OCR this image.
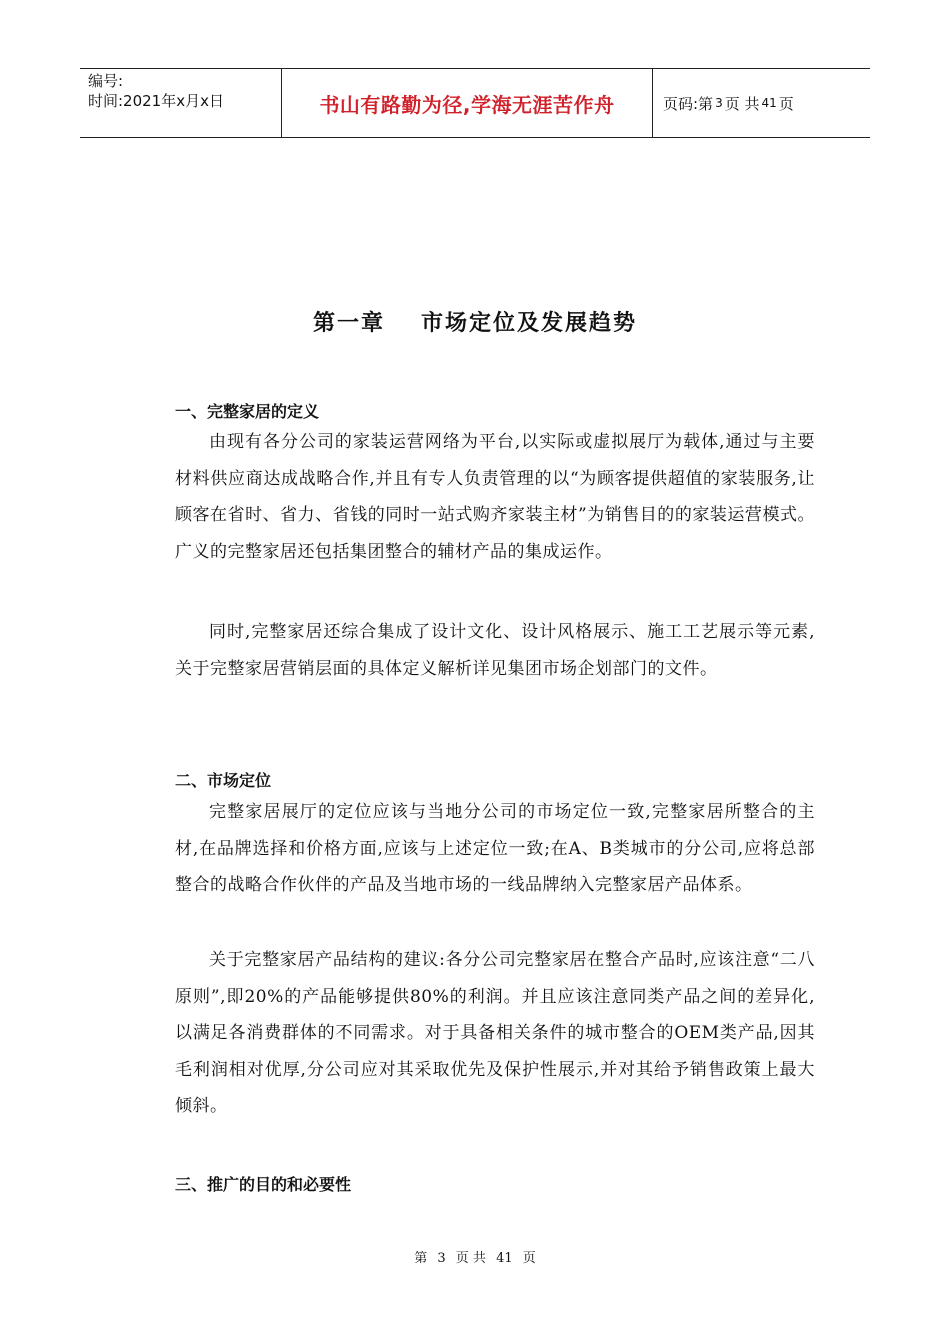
编号:
时间:2021年x月x日	书山有路勤为径,学海无涯苦作舟	页码:第 3 页 共 41 页
第一章 市场定位及发展趋势
一、完整家居的定义

由现有各分公司的家装运营网络为平台,以实际或虚拟展厅为载体,通过与主要材料供应商达成战略合作,并且有专人负责管理的以“为顾客提供超值的家装服务,让顾客在省时、省力、省钱的同时一站式购齐家装主材”为销售目的的家装运营模式。广义的完整家居还包括集团整合的辅材产品的集成运作。

同时,完整家居还综合集成了设计文化、设计风格展示、施工工艺展示等元素,关于完整家居营销层面的具体定义解析详见集团市场企划部门的文件。

二、市场定位

完整家居展厅的定位应该与当地分公司的市场定位一致,完整家居所整合的主材,在品牌选择和价格方面,应该与上述定位一致;在A、B类城市的分公司,应将总部整合的战略合作伙伴的产品及当地市场的一线品牌纳入完整家居产品体系。

关于完整家居产品结构的建议:各分公司完整家居在整合产品时,应该注意“二八原则”,即20%的产品能够提供80%的利润。并且应该注意同类产品之间的差异化,以满足各消费群体的不同需求。对于具备相关条件的城市整合的OEM类产品,因其毛利润相对优厚,分公司应对其采取优先及保护性展示,并对其给予销售政策上最大倾斜。

三、推广的目的和必要性
第 3 页 共 41 页
